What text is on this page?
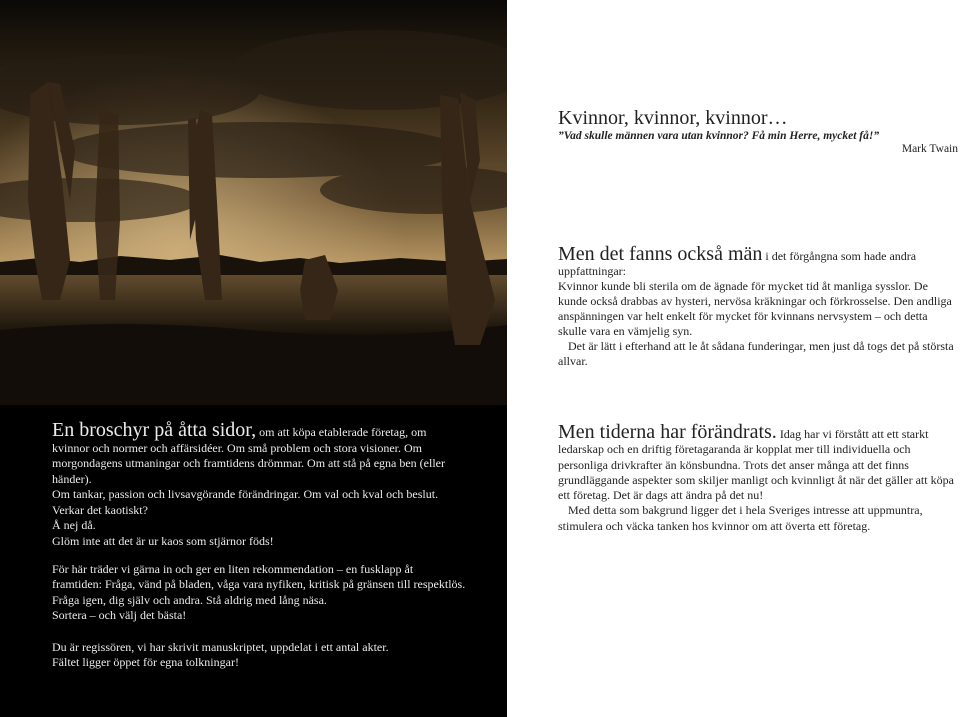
En broschyr på åtta sidor, om att köpa etablerade företag, om kvinnor och normer och affärsidéer. Om små problem och stora visioner. Om morgondagens utmaningar och framtidens drömmar. Om att stå på egna ben (eller händer).

Om tankar, passion och livsavgörande förändringar. Om val och kval och beslut.

Verkar det kaotiskt?

Å nej då.

Glöm inte att det är ur kaos som stjärnor föds!

För här träder vi gärna in och ger en liten rekommendation – en fusklapp åt

framtiden: Fråga, vänd på bladen, våga vara nyfiken, kritisk på gränsen till respektlös.

Fråga igen, dig själv och andra. Stå aldrig med lång näsa.

Sortera – och välj det bästa!

Du är regissören, vi har skrivit manuskriptet, uppdelat i ett antal akter.

Fältet ligger öppet för egna tolkningar!

Kvinnor, kvinnor, kvinnor…
”Vad skulle männen vara utan kvinnor? Få min Herre, mycket få!”
Mark Twain

Men det fanns också män i det förgångna som hade andra uppfattningar:

Kvinnor kunde bli sterila om de ägnade för mycket tid åt manliga sysslor. De kunde också drabbas av hysteri, nervösa kräkningar och förkrosselse. Den andliga anspänningen var helt enkelt för mycket för kvinnans nervsystem – och detta skulle vara en vämjelig syn.

Det är lätt i efterhand att le åt sådana funderingar, men just då togs det på största allvar.

Men tiderna har förändrats. Idag har vi förstått att ett starkt ledarskap och en driftig företagaranda är kopplat mer till individuella och personliga drivkrafter än könsbundna. Trots det anser många att det finns grundläggande aspekter som skiljer manligt och kvinnligt åt när det gäller att köpa ett företag. Det är dags att ändra på det nu!

Med detta som bakgrund ligger det i hela Sveriges intresse att uppmuntra, stimulera och väcka tanken hos kvinnor om att överta ett företag.
